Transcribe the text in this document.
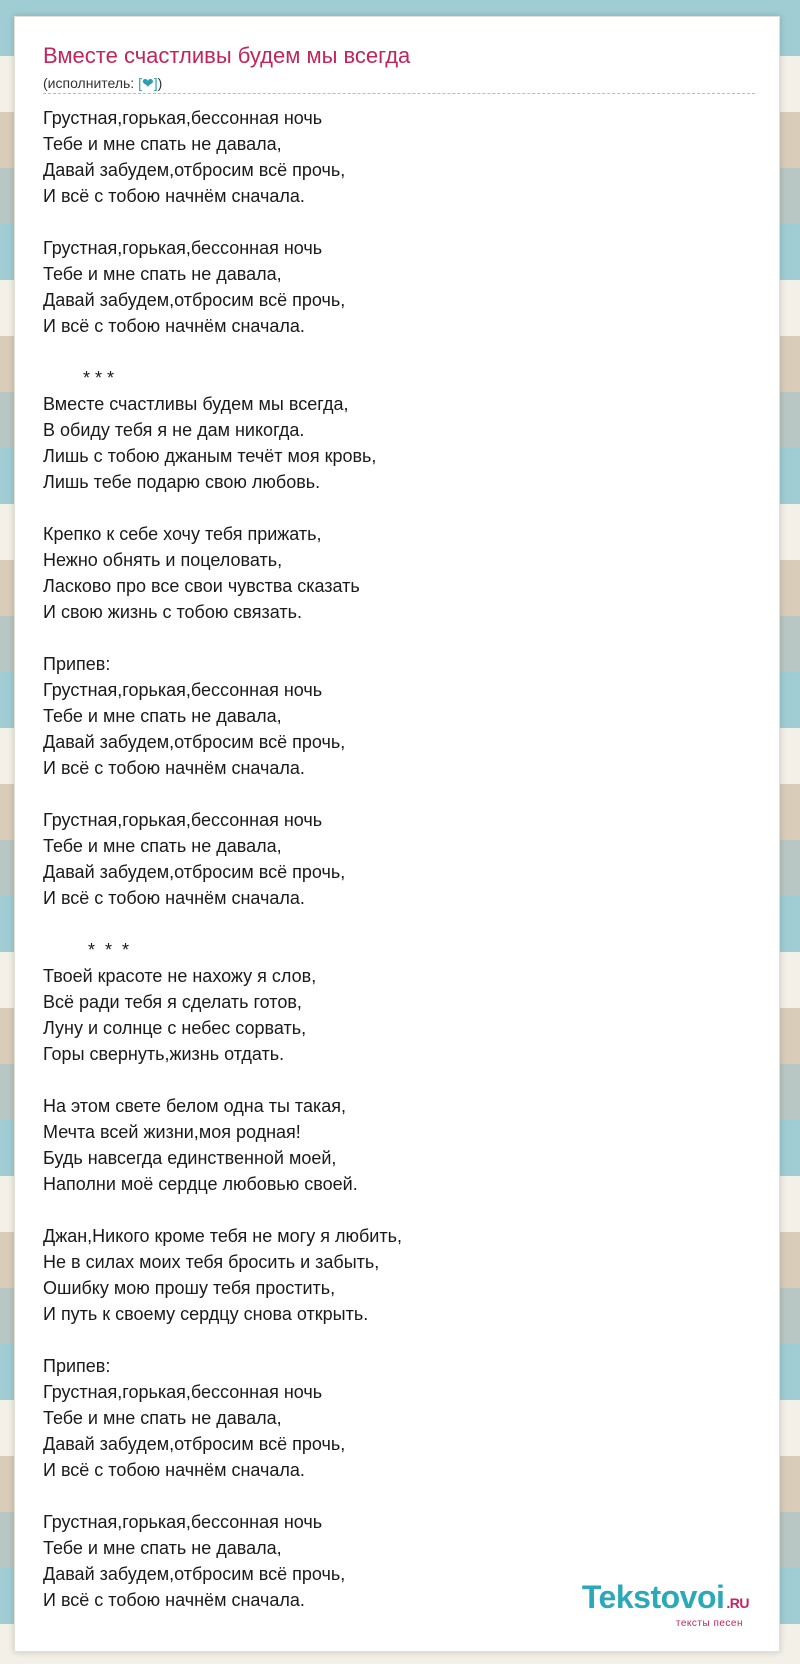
Вместе счастливы будем мы всегда
(исполнитель: [❤])
Грустная,горькая,бессонная ночь
Тебе и мне спать не давала,
Давай забудем,отбросим всё прочь,
И всё с тобою начнём сначала.
Грустная,горькая,бессонная ночь
Тебе и мне спать не давала,
Давай забудем,отбросим всё прочь,
И всё с тобою начнём сначала.
* * *
Вместе счастливы будем мы всегда,
В обиду тебя я не дам никогда.
Лишь с тобою джаным течёт моя кровь,
Лишь тебе подарю свою любовь.
Крепко к себе хочу тебя прижать,
Нежно обнять и поцеловать,
Ласково про все свои чувства сказать
И свою жизнь с тобою связать.
Припев:
Грустная,горькая,бессонная ночь
Тебе и мне спать не давала,
Давай забудем,отбросим всё прочь,
И всё с тобою начнём сначала.
Грустная,горькая,бессонная ночь
Тебе и мне спать не давала,
Давай забудем,отбросим всё прочь,
И всё с тобою начнём сначала.
*  *  *
Твоей красоте не нахожу я слов,
Всё ради тебя я сделать готов,
Луну и солнце с небес сорвать,
Горы свернуть,жизнь отдать.
На этом свете белом одна ты такая,
Мечта всей жизни,моя родная!
Будь навсегда единственной моей,
Наполни моё сердце любовью своей.
Джан,Никого кроме тебя не могу я любить,
Не в силах моих тебя бросить и забыть,
Ошибку мою прошу тебя простить,
И путь к своему сердцу снова открыть.
Припев:
Грустная,горькая,бессонная ночь
Тебе и мне спать не давала,
Давай забудем,отбросим всё прочь,
И всё с тобою начнём сначала.
Грустная,горькая,бессонная ночь
Тебе и мне спать не давала,
Давай забудем,отбросим всё прочь,
И всё с тобою начнём сначала.	Tekstovoi .RU
тексты песен
